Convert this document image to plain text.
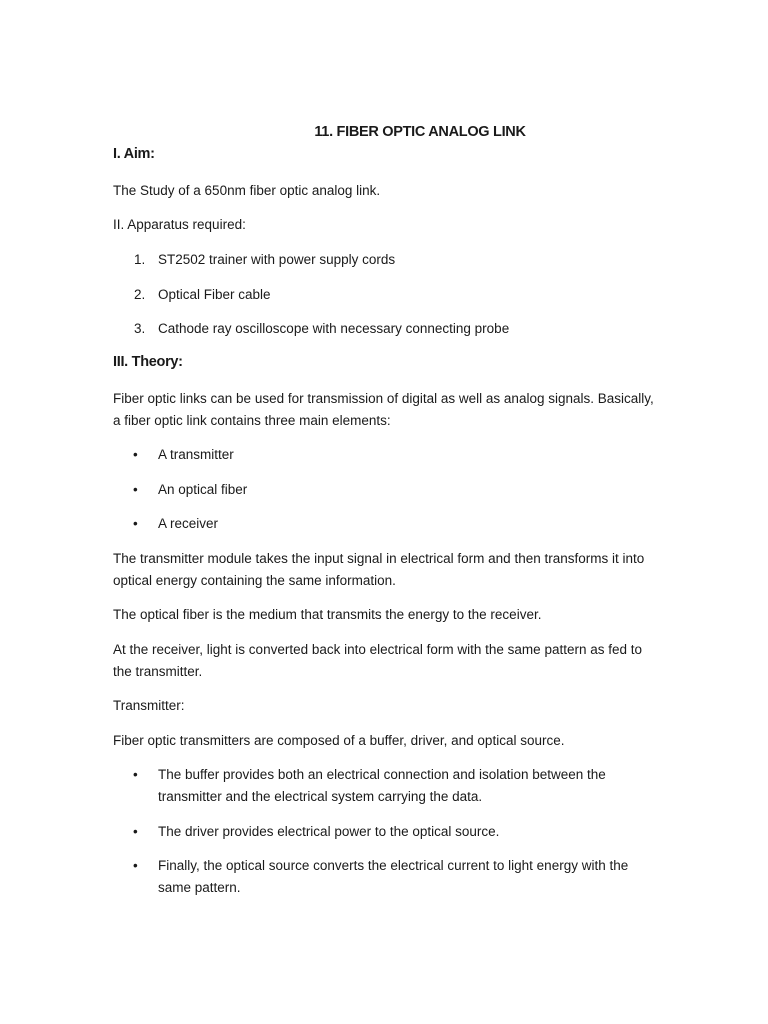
11. FIBER OPTIC ANALOG LINK
I. Aim:
The Study of a 650nm fiber optic analog link.
II. Apparatus required:
1. ST2502 trainer with power supply cords
2. Optical Fiber cable
3. Cathode ray oscilloscope with necessary connecting probe
III. Theory:
Fiber optic links can be used for transmission of digital as well as analog signals. Basically, a fiber optic link contains three main elements:
• A transmitter
• An optical fiber
• A receiver
The transmitter module takes the input signal in electrical form and then transforms it into optical energy containing the same information.
The optical fiber is the medium that transmits the energy to the receiver.
At the receiver, light is converted back into electrical form with the same pattern as fed to the transmitter.
Transmitter:
Fiber optic transmitters are composed of a buffer, driver, and optical source.
• The buffer provides both an electrical connection and isolation between the transmitter and the electrical system carrying the data.
• The driver provides electrical power to the optical source.
• Finally, the optical source converts the electrical current to light energy with the same pattern.
